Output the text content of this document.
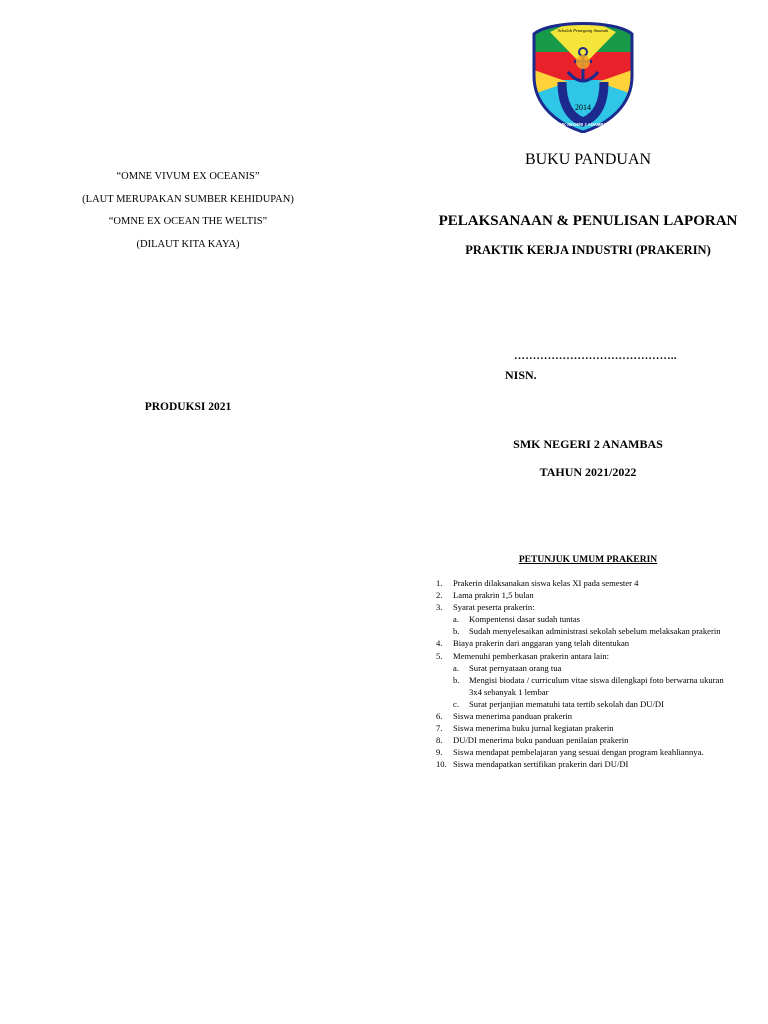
“OMNE VIVUM EX OCEANIS”
(LAUT MERUPAKAN SUMBER KEHIDUPAN)
“OMNE EX OCEAN THE WELTIS”
(DILAUT KITA KAYA)
PRODUKSI 2021
2014
Sekolah Pemegang Amanah
SMK NEGERI 2 ANAMBAS
BUKU PANDUAN
PELAKSANAAN & PENULISAN LAPORAN
PRAKTIK KERJA INDUSTRI (PRAKERIN)
……………………………………..
NISN.
SMK NEGERI 2 ANAMBAS
TAHUN 2021/2022
PETUNJUK UMUM PRAKERIN
1. Prakerin dilaksanakan siswa kelas XI pada semester 4
2. Lama prakrin 1,5 bulan
3. Syarat peserta prakerin:
a. Kompentensi dasar sudah tuntas
b. Sudah menyelesaikan administrasi sekolah sebelum melaksakan prakerin
4. Biaya prakerin dari anggaran yang telah ditentukan
5. Memenuhi pemberkasan prakerin antara lain:
a. Surat pernyataan orang tua
b. Mengisi biodata / curriculum vitae siswa dilengkapi foto berwarna ukuran
3x4 sebanyak 1 lembar
c. Surat perjanjian mematuhi tata tertib sekolah dan DU/DI
6. Siswa menerima panduan prakerin
7. Siswa menerima buku jurnal kegiatan prakerin
8. DU/DI menerima buku panduan penilaian prakerin
9. Siswa mendapat pembelajaran yang sesuai dengan program keahliannya.
10. Siswa mendapatkan sertifikan prakerin dari DU/DI
